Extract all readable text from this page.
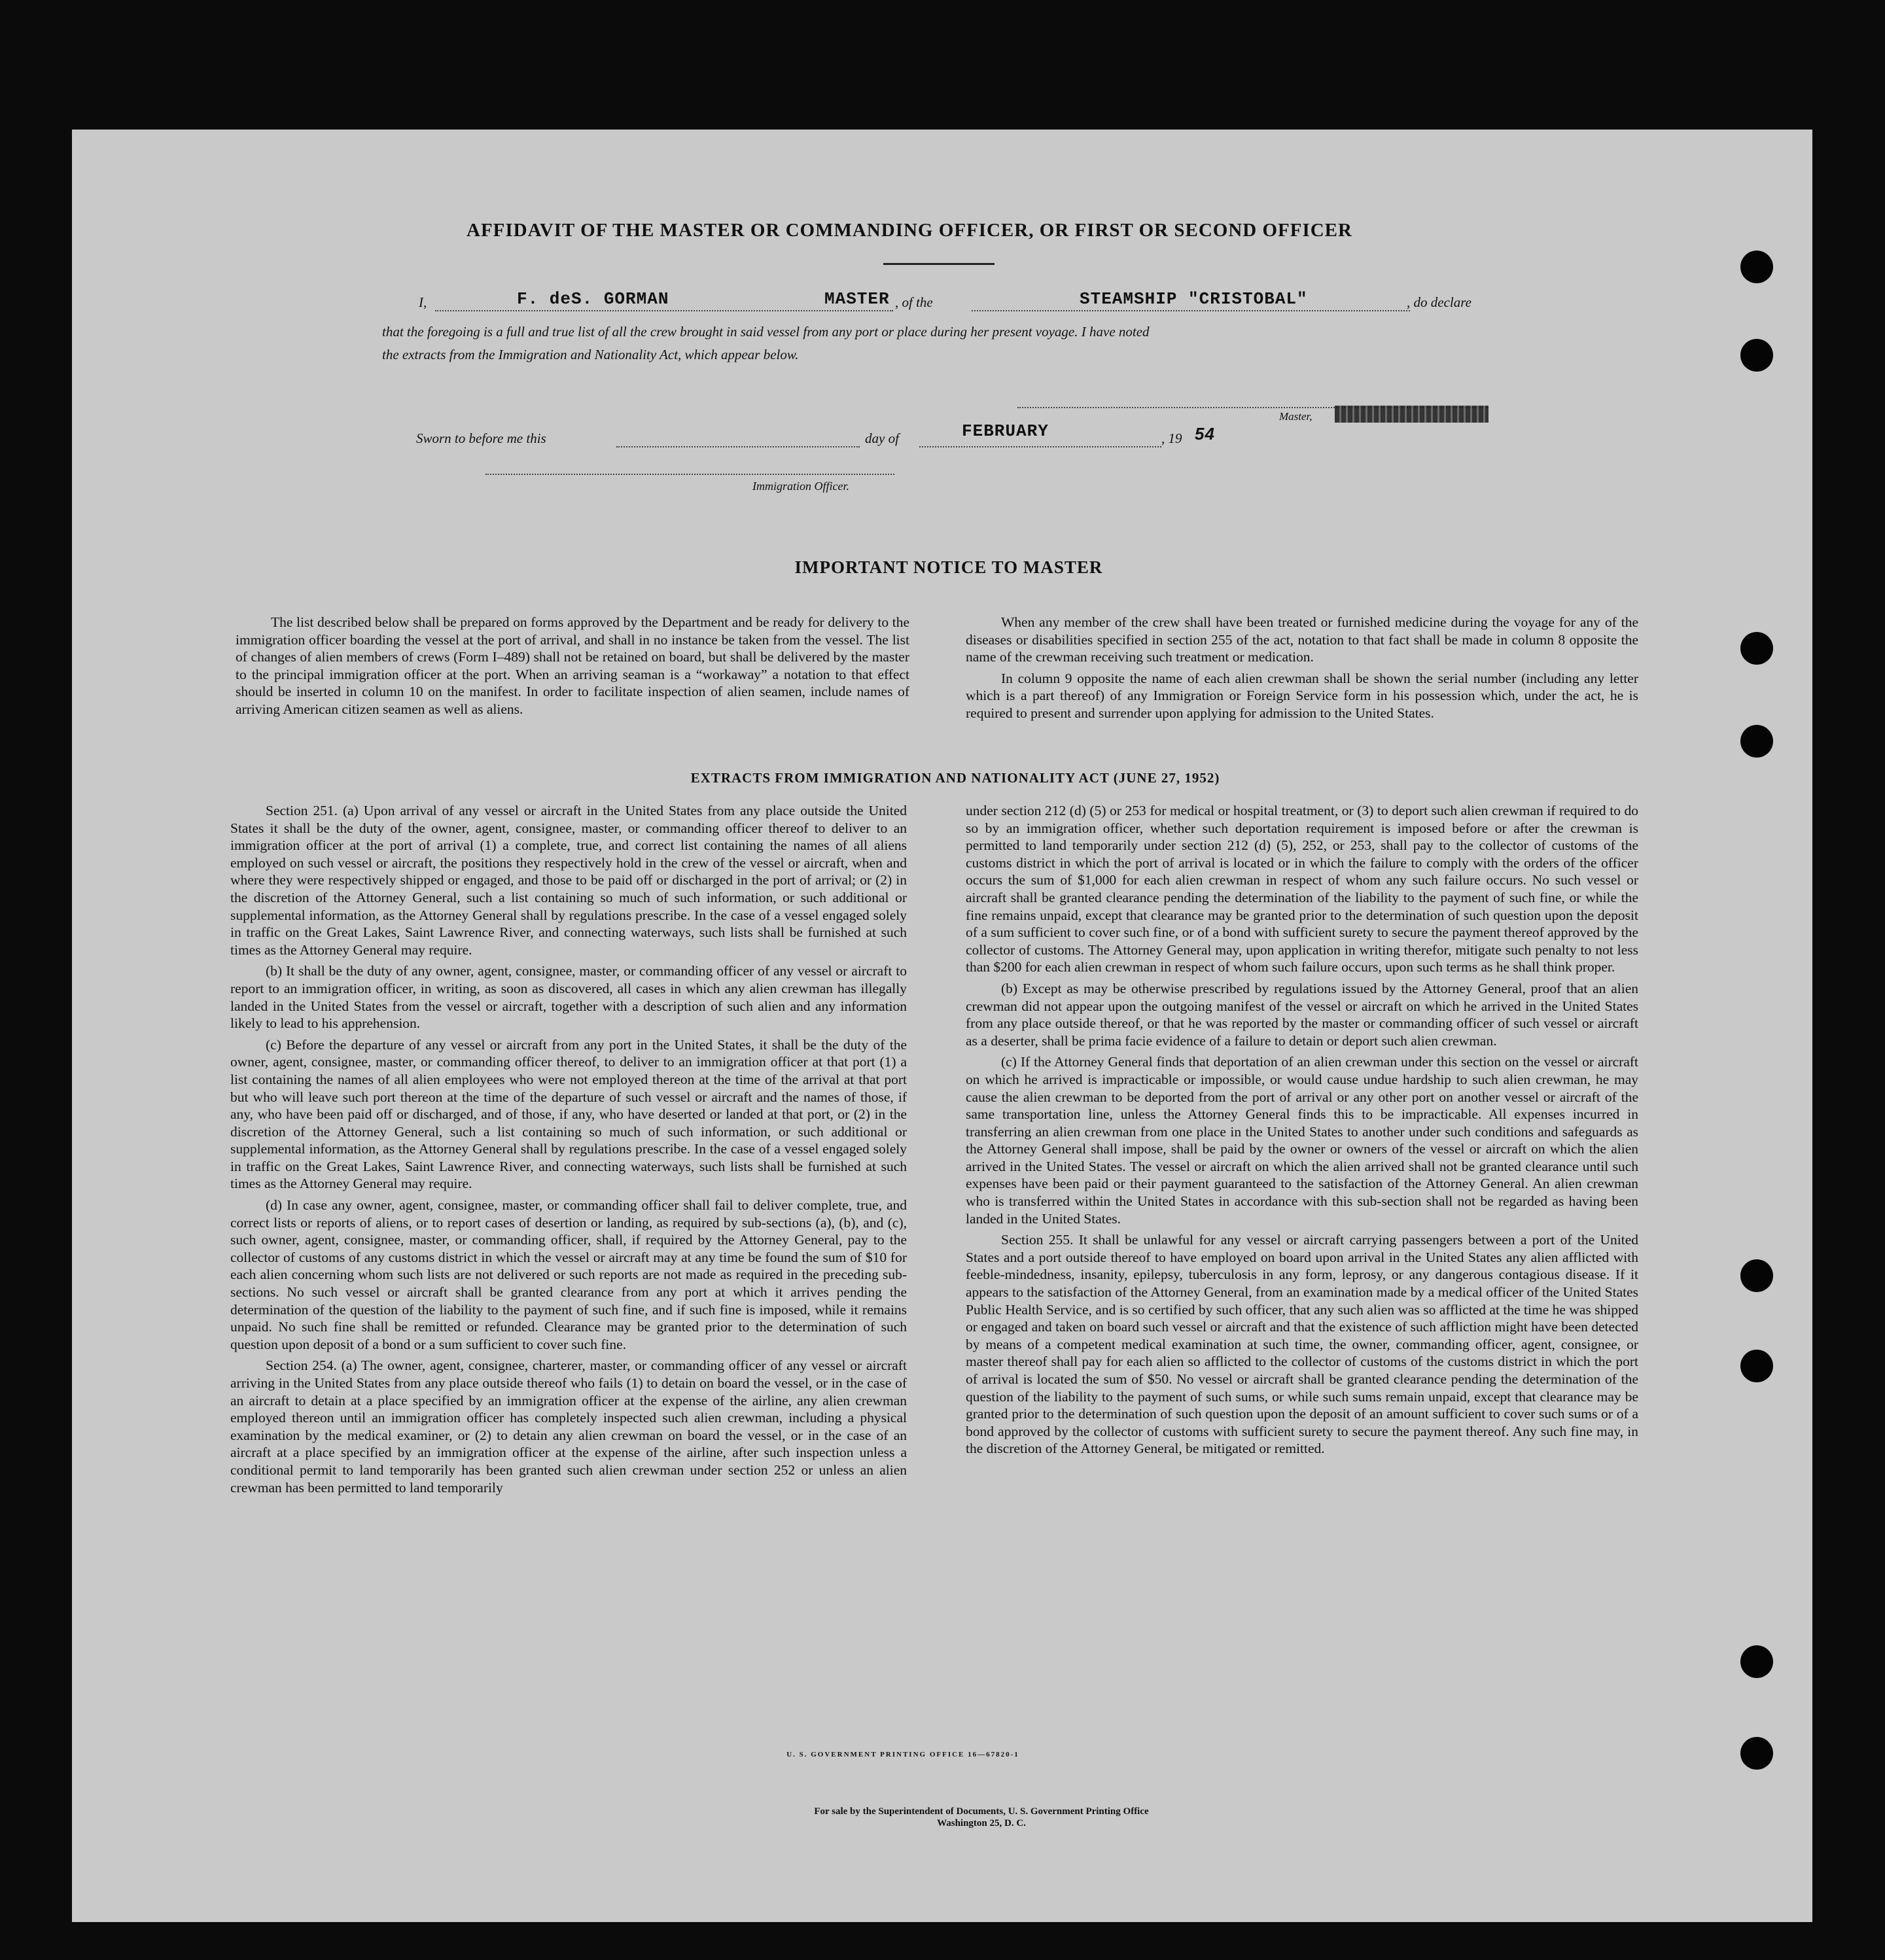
AFFIDAVIT OF THE MASTER OR COMMANDING OFFICER, OR FIRST OR SECOND OFFICER
I,	F. deS. GORMAN	MASTER , of the	STEAMSHIP "CRISTOBAL"	, do declare
that the foregoing is a full and true list of all the crew brought in said vessel from any port or place during her present voyage. I have noted
the extracts from the Immigration and Nationality Act, which appear below.
Master,
Sworn to before me this	day of	FEBRUARY	, 19 54
Immigration Officer.
IMPORTANT NOTICE TO MASTER

The list described below shall be prepared on forms approved by the Department and be ready for delivery to the immigration officer boarding the vessel at the port of arrival, and shall in no instance be taken from the vessel. The list of changes of alien members of crews (Form I–489) shall not be retained on board, but shall be delivered by the master to the principal immigration officer at the port. When an arriving seaman is a “workaway” a notation to that effect should be inserted in column 10 on the manifest. In order to facilitate inspection of alien seamen, include names of arriving American citizen seamen as well as aliens.

When any member of the crew shall have been treated or furnished medicine during the voyage for any of the diseases or disabilities specified in section 255 of the act, notation to that fact shall be made in column 8 opposite the name of the crewman receiving such treatment or medication.

In column 9 opposite the name of each alien crewman shall be shown the serial number (including any letter which is a part thereof) of any Immigration or Foreign Service form in his possession which, under the act, he is required to present and surrender upon applying for admission to the United States.

EXTRACTS FROM IMMIGRATION AND NATIONALITY ACT (JUNE 27, 1952)

Section 251. (a) Upon arrival of any vessel or aircraft in the United States from any place outside the United States it shall be the duty of the owner, agent, consignee, master, or commanding officer thereof to deliver to an immigration officer at the port of arrival (1) a complete, true, and correct list containing the names of all aliens employed on such vessel or aircraft, the positions they respectively hold in the crew of the vessel or aircraft, when and where they were respectively shipped or engaged, and those to be paid off or discharged in the port of arrival; or (2) in the discretion of the Attorney General, such a list containing so much of such information, or such additional or supplemental information, as the Attorney General shall by regulations prescribe. In the case of a vessel engaged solely in traffic on the Great Lakes, Saint Lawrence River, and connecting waterways, such lists shall be furnished at such times as the Attorney General may require.

(b) It shall be the duty of any owner, agent, consignee, master, or commanding officer of any vessel or aircraft to report to an immigration officer, in writing, as soon as discovered, all cases in which any alien crewman has illegally landed in the United States from the vessel or aircraft, together with a description of such alien and any information likely to lead to his apprehension.

(c) Before the departure of any vessel or aircraft from any port in the United States, it shall be the duty of the owner, agent, consignee, master, or commanding officer thereof, to deliver to an immigration officer at that port (1) a list containing the names of all alien employees who were not employed thereon at the time of the arrival at that port but who will leave such port thereon at the time of the departure of such vessel or aircraft and the names of those, if any, who have been paid off or discharged, and of those, if any, who have deserted or landed at that port, or (2) in the discretion of the Attorney General, such a list containing so much of such information, or such additional or supplemental information, as the Attorney General shall by regulations prescribe. In the case of a vessel engaged solely in traffic on the Great Lakes, Saint Lawrence River, and connecting waterways, such lists shall be furnished at such times as the Attorney General may require.

(d) In case any owner, agent, consignee, master, or commanding officer shall fail to deliver complete, true, and correct lists or reports of aliens, or to report cases of desertion or landing, as required by sub-sections (a), (b), and (c), such owner, agent, consignee, master, or commanding officer, shall, if required by the Attorney General, pay to the collector of customs of any customs district in which the vessel or aircraft may at any time be found the sum of $10 for each alien concerning whom such lists are not delivered or such reports are not made as required in the preceding sub-sections. No such vessel or aircraft shall be granted clearance from any port at which it arrives pending the determination of the question of the liability to the payment of such fine, and if such fine is imposed, while it remains unpaid. No such fine shall be remitted or refunded. Clearance may be granted prior to the determination of such question upon deposit of a bond or a sum sufficient to cover such fine.

Section 254. (a) The owner, agent, consignee, charterer, master, or commanding officer of any vessel or aircraft arriving in the United States from any place outside thereof who fails (1) to detain on board the vessel, or in the case of an aircraft to detain at a place specified by an immigration officer at the expense of the airline, any alien crewman employed thereon until an immigration officer has completely inspected such alien crewman, including a physical examination by the medical examiner, or (2) to detain any alien crewman on board the vessel, or in the case of an aircraft at a place specified by an immigration officer at the expense of the airline, after such inspection unless a conditional permit to land temporarily has been granted such alien crewman under section 252 or unless an alien crewman has been permitted to land temporarily

under section 212 (d) (5) or 253 for medical or hospital treatment, or (3) to deport such alien crewman if required to do so by an immigration officer, whether such deportation requirement is imposed before or after the crewman is permitted to land temporarily under section 212 (d) (5), 252, or 253, shall pay to the collector of customs of the customs district in which the port of arrival is located or in which the failure to comply with the orders of the officer occurs the sum of $1,000 for each alien crewman in respect of whom any such failure occurs. No such vessel or aircraft shall be granted clearance pending the determination of the liability to the payment of such fine, or while the fine remains unpaid, except that clearance may be granted prior to the determination of such question upon the deposit of a sum sufficient to cover such fine, or of a bond with sufficient surety to secure the payment thereof approved by the collector of customs. The Attorney General may, upon application in writing therefor, mitigate such penalty to not less than $200 for each alien crewman in respect of whom such failure occurs, upon such terms as he shall think proper.

(b) Except as may be otherwise prescribed by regulations issued by the Attorney General, proof that an alien crewman did not appear upon the outgoing manifest of the vessel or aircraft on which he arrived in the United States from any place outside thereof, or that he was reported by the master or commanding officer of such vessel or aircraft as a deserter, shall be prima facie evidence of a failure to detain or deport such alien crewman.

(c) If the Attorney General finds that deportation of an alien crewman under this section on the vessel or aircraft on which he arrived is impracticable or impossible, or would cause undue hardship to such alien crewman, he may cause the alien crewman to be deported from the port of arrival or any other port on another vessel or aircraft of the same transportation line, unless the Attorney General finds this to be impracticable. All expenses incurred in transferring an alien crewman from one place in the United States to another under such conditions and safeguards as the Attorney General shall impose, shall be paid by the owner or owners of the vessel or aircraft on which the alien arrived in the United States. The vessel or aircraft on which the alien arrived shall not be granted clearance until such expenses have been paid or their payment guaranteed to the satisfaction of the Attorney General. An alien crewman who is transferred within the United States in accordance with this sub-section shall not be regarded as having been landed in the United States.

Section 255. It shall be unlawful for any vessel or aircraft carrying passengers between a port of the United States and a port outside thereof to have employed on board upon arrival in the United States any alien afflicted with feeble-mindedness, insanity, epilepsy, tuberculosis in any form, leprosy, or any dangerous contagious disease. If it appears to the satisfaction of the Attorney General, from an examination made by a medical officer of the United States Public Health Service, and is so certified by such officer, that any such alien was so afflicted at the time he was shipped or engaged and taken on board such vessel or aircraft and that the existence of such affliction might have been detected by means of a competent medical examination at such time, the owner, commanding officer, agent, consignee, or master thereof shall pay for each alien so afflicted to the collector of customs of the customs district in which the port of arrival is located the sum of $50. No vessel or aircraft shall be granted clearance pending the determination of the question of the liability to the payment of such sums, or while such sums remain unpaid, except that clearance may be granted prior to the determination of such question upon the deposit of an amount sufficient to cover such sums or of a bond approved by the collector of customs with sufficient surety to secure the payment thereof. Any such fine may, in the discretion of the Attorney General, be mitigated or remitted.

U. S. GOVERNMENT PRINTING OFFICE 16—67820-1
For sale by the Superintendent of Documents, U. S. Government Printing Office
Washington 25, D. C.
